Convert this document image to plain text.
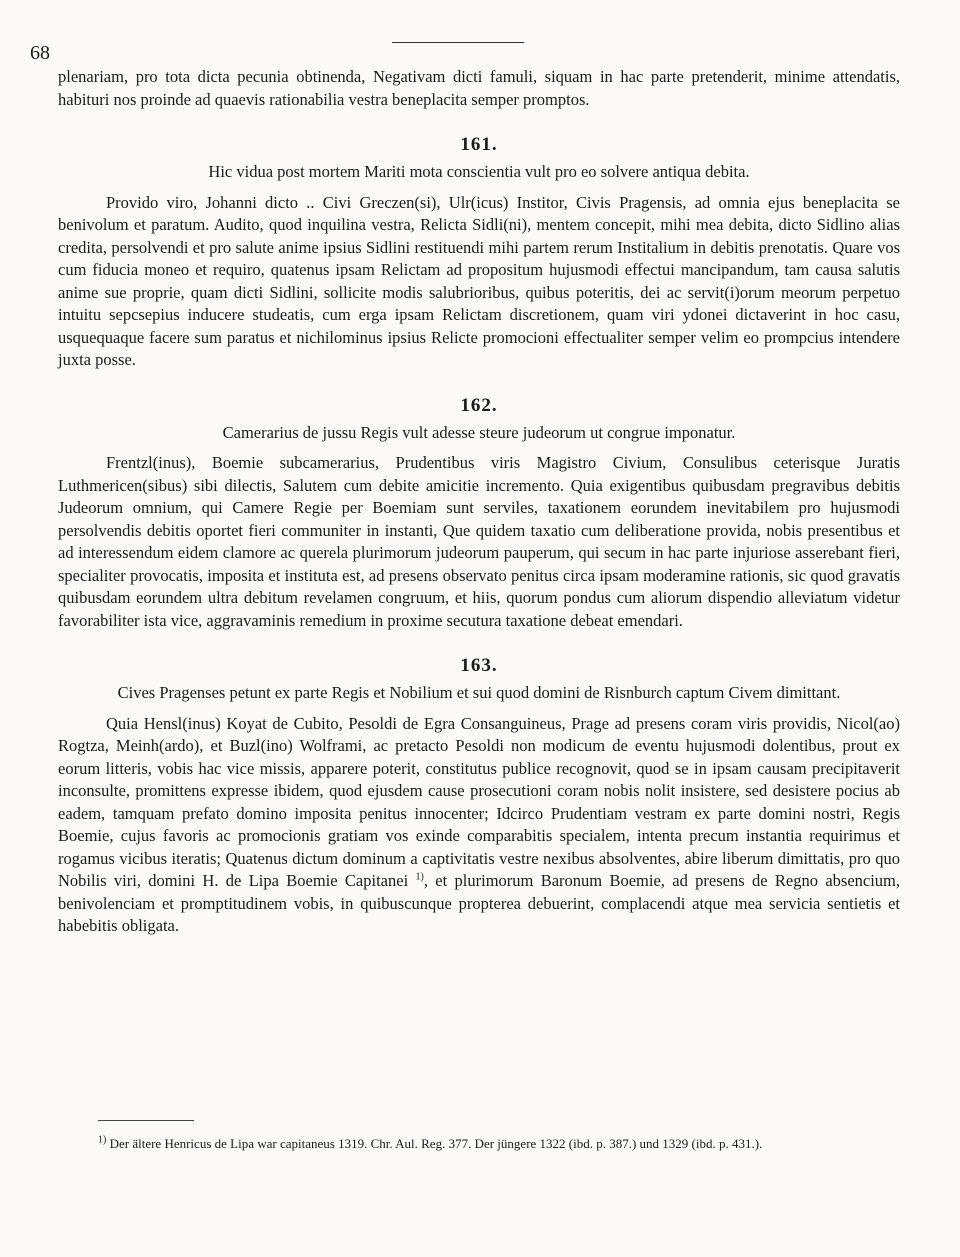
68

plenariam, pro tota dicta pecunia obtinenda, Negativam dicti famuli, siquam in hac parte pretenderit, minime attendatis, habituri nos proinde ad quaevis rationabilia vestra beneplacita semper promptos.

161.

Hic vidua post mortem Mariti mota conscientia vult pro eo solvere antiqua debita.

Provido viro, Johanni dicto .. Civi Greczen(si), Ulr(icus) Institor, Civis Pragensis, ad omnia ejus beneplacita se benivolum et paratum. Audito, quod inquilina vestra, Relicta Sidli(ni), mentem concepit, mihi mea debita, dicto Sidlino alias credita, persolvendi et pro salute anime ipsius Sidlini restituendi mihi partem rerum Institalium in debitis prenotatis. Quare vos cum fiducia moneo et requiro, quatenus ipsam Relictam ad propositum hujusmodi effectui mancipandum, tam causa salutis anime sue proprie, quam dicti Sidlini, sollicite modis salubrioribus, quibus poteritis, dei ac servit(i)orum meorum perpetuo intuitu sepcsepius inducere studeatis, cum erga ipsam Relictam discretionem, quam viri ydonei dictaverint in hoc casu, usquequaque facere sum paratus et nichilominus ipsius Relicte promocioni effectualiter semper velim eo prompcius intendere juxta posse.

162.

Camerarius de jussu Regis vult adesse steure judeorum ut congrue imponatur.

Frentzl(inus), Boemie subcamerarius, Prudentibus viris Magistro Civium, Consulibus ceterisque Juratis Luthmericen(sibus) sibi dilectis, Salutem cum debite amicitie incremento. Quia exigentibus quibusdam pregravibus debitis Judeorum omnium, qui Camere Regie per Boemiam sunt serviles, taxationem eorundem inevitabilem pro hujusmodi persolvendis debitis oportet fieri communiter in instanti, Que quidem taxatio cum deliberatione provida, nobis presentibus et ad interessendum eidem clamore ac querela plurimorum judeorum pauperum, qui secum in hac parte injuriose asserebant fieri, specialiter provocatis, imposita et instituta est, ad presens observato penitus circa ipsam moderamine rationis, sic quod gravatis quibusdam eorundem ultra debitum revelamen congruum, et hiis, quorum pondus cum aliorum dispendio alleviatum videtur favorabiliter ista vice, aggravaminis remedium in proxime secutura taxatione debeat emendari.

163.

Cives Pragenses petunt ex parte Regis et Nobilium et sui quod domini de Risnburch captum Civem dimittant.

Quia Hensl(inus) Koyat de Cubito, Pesoldi de Egra Consanguineus, Prage ad presens coram viris providis, Nicol(ao) Rogtza, Meinh(ardo), et Buzl(ino) Wolframi, ac pretacto Pesoldi non modicum de eventu hujusmodi dolentibus, prout ex eorum litteris, vobis hac vice missis, apparere poterit, constitutus publice recognovit, quod se in ipsam causam precipitaverit inconsulte, promittens expresse ibidem, quod ejusdem cause prosecutioni coram nobis nolit insistere, sed desistere pocius ab eadem, tamquam prefato domino imposita penitus innocenter; Idcirco Prudentiam vestram ex parte domini nostri, Regis Boemie, cujus favoris ac promocionis gratiam vos exinde comparabitis specialem, intenta precum instantia requirimus et rogamus vicibus iteratis; Quatenus dictum dominum a captivitatis vestre nexibus absolventes, abire liberum dimittatis, pro quo Nobilis viri, domini H. de Lipa Boemie Capitanei $^{1)}$, et plurimorum Baronum Boemie, ad presens de Regno absencium, benivolenciam et promptitudinem vobis, in quibuscunque propterea debuerint, complacendi atque mea servicia sentietis et habebitis obligata.

$^{1)}$ Der ältere Henricus de Lipa war capitaneus 1319. Chr. Aul. Reg. 377. Der jüngere 1322 (ibd. p. 387.) und 1329 (ibd. p. 431.).
